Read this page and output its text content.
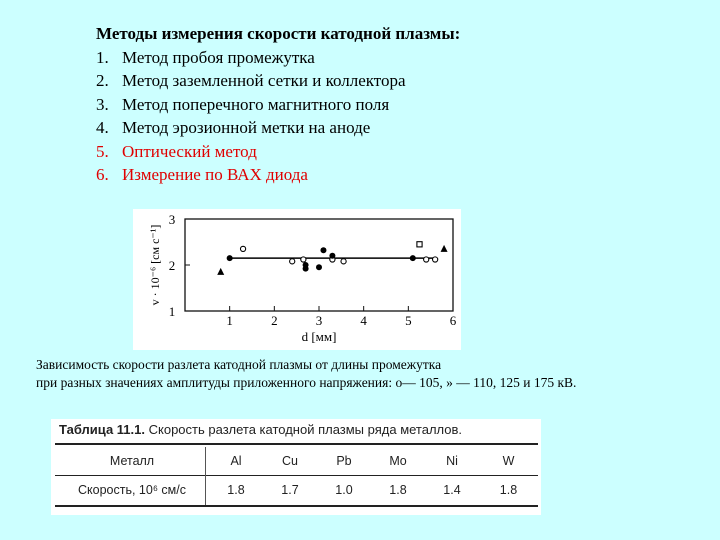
Методы измерения скорости катодной плазмы:
1. Метод пробоя промежутка
2. Метод заземленной сетки и коллектора
3. Метод поперечного магнитного поля
4. Метод эрозионной метки на аноде
5. Оптический метод
6. Измерение по ВАХ диода
1	2	3	4	5	6
1
2
3
d [мм]
v · 10⁻⁶ [см с⁻¹]
Зависимость скорости разлета катодной плазмы от длины промежутка
при разных значениях амплитуды приложенного напряжения: о— 105, » — 110, 125 и 175 кВ.
Таблица 11.1. Скорость разлета катодной плазмы ряда металлов.
Металл	Al	Cu	Pb	Mo	Ni	W
Скорость, 10⁶ см/с	1.8	1.7	1.0	1.8	1.4	1.8
